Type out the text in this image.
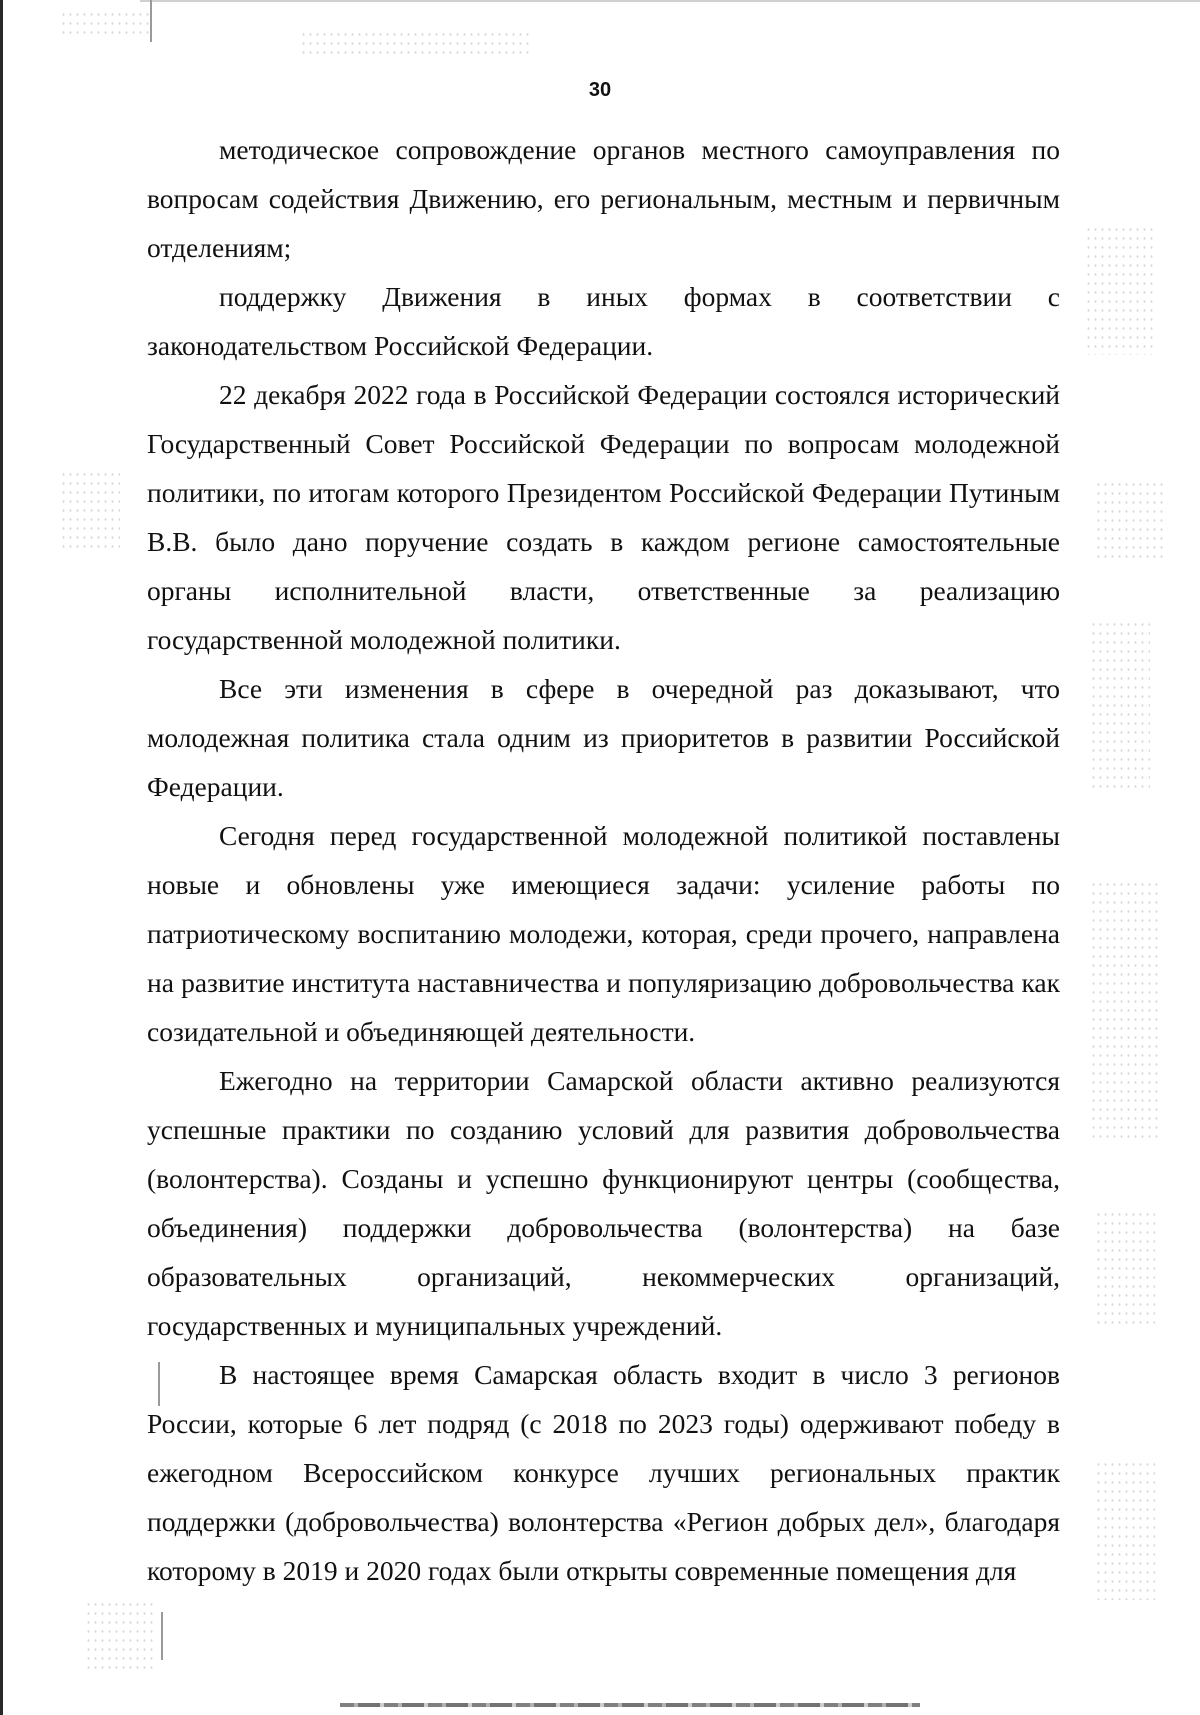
30

методическое сопровождение органов местного самоуправления по вопросам содействия Движению, его региональным, местным и первичным отделениям;

поддержку Движения в иных формах в соответствии с законодательством Российской Федерации.

22 декабря 2022 года в Российской Федерации состоялся исторический Государственный Совет Российской Федерации по вопросам молодежной политики, по итогам которого Президентом Российской Федерации Путиным В.В. было дано поручение создать в каждом регионе самостоятельные органы исполнительной власти, ответственные за реализацию государственной молодежной политики.

Все эти изменения в сфере в очередной раз доказывают, что молодежная политика стала одним из приоритетов в развитии Российской Федерации.

Сегодня перед государственной молодежной политикой поставлены новые и обновлены уже имеющиеся задачи: усиление работы по патриотическому воспитанию молодежи, которая, среди прочего, направлена на развитие института наставничества и популяризацию добровольчества как созидательной и объединяющей деятельности.

Ежегодно на территории Самарской области активно реализуются успешные практики по созданию условий для развития добровольчества (волонтерства). Созданы и успешно функционируют центры (сообщества, объединения) поддержки добровольчества (волонтерства) на базе образовательных организаций, некоммерческих организаций, государственных и муниципальных учреждений.

В настоящее время Самарская область входит в число 3 регионов России, которые 6 лет подряд (с 2018 по 2023 годы) одерживают победу в ежегодном Всероссийском конкурсе лучших региональных практик поддержки (добровольчества) волонтерства «Регион добрых дел», благодаря которому в 2019 и 2020 годах были открыты современные помещения для
